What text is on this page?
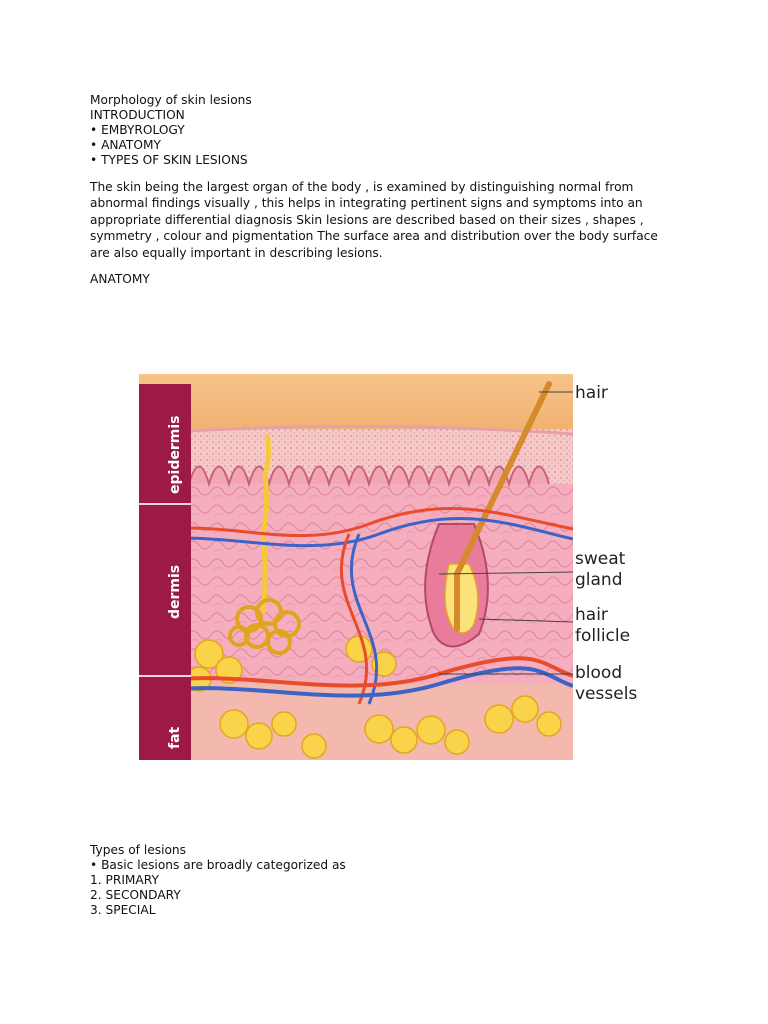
Morphology of skin lesions
INTRODUCTION
• EMBYROLOGY
• ANATOMY
• TYPES OF SKIN LESIONS
The skin being the largest organ of the body , is examined by distinguishing normal from
abnormal findings visually , this helps in integrating pertinent signs and symptoms into an
appropriate differential diagnosis Skin lesions are described based on their sizes , shapes ,
symmetry , colour and pigmentation The surface area and distribution over the body surface
are also equally important in describing lesions.
ANATOMY
epidermis
dermis
fat
hair
sweat
gland
hair
follicle
blood
vessels
Types of lesions
• Basic lesions are broadly categorized as
1. PRIMARY
2. SECONDARY
3. SPECIAL
